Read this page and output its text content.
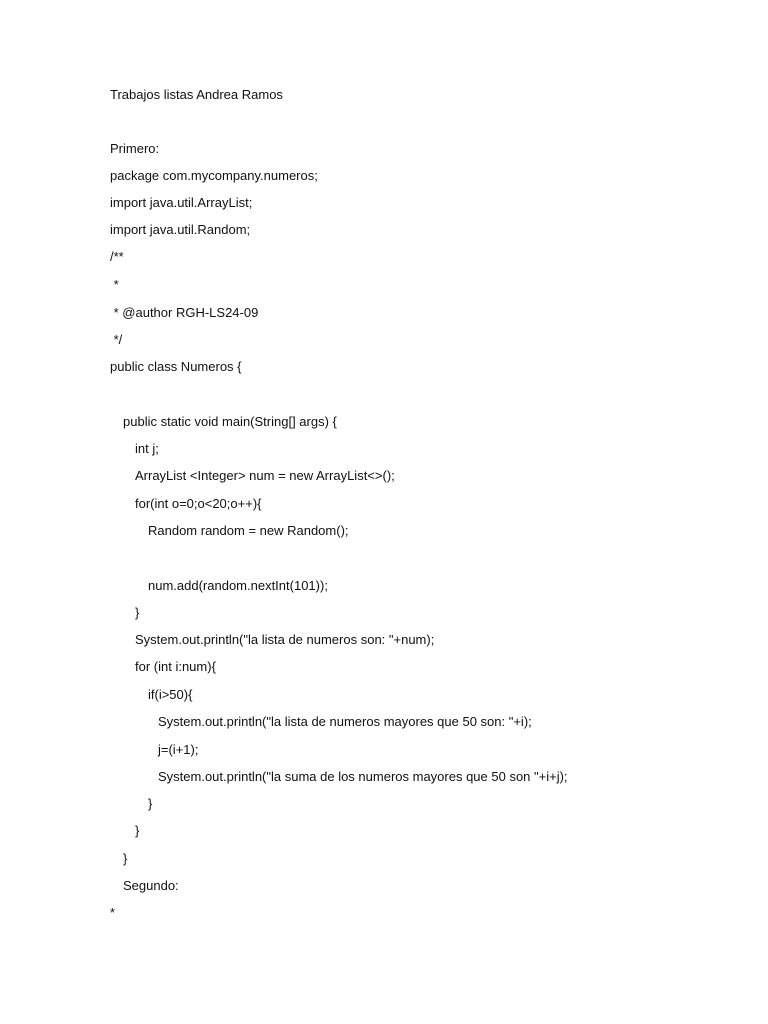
Trabajos listas Andrea Ramos
Primero:
package com.mycompany.numeros;
import java.util.ArrayList;
import java.util.Random;
/**
*
* @author RGH-LS24-09
*/
public class Numeros {
public static void main(String[] args) {
int j;
ArrayList <Integer> num = new ArrayList<>();
for(int o=0;o<20;o++){
Random random = new Random();
num.add(random.nextInt(101));
}
System.out.println("la lista de numeros son: "+num);
for (int i:num){
if(i>50){
System.out.println("la lista de numeros mayores que 50 son: "+i);
j=(i+1);
System.out.println("la suma de los numeros mayores que 50 son "+i+j);
}
}
}
Segundo:
*
